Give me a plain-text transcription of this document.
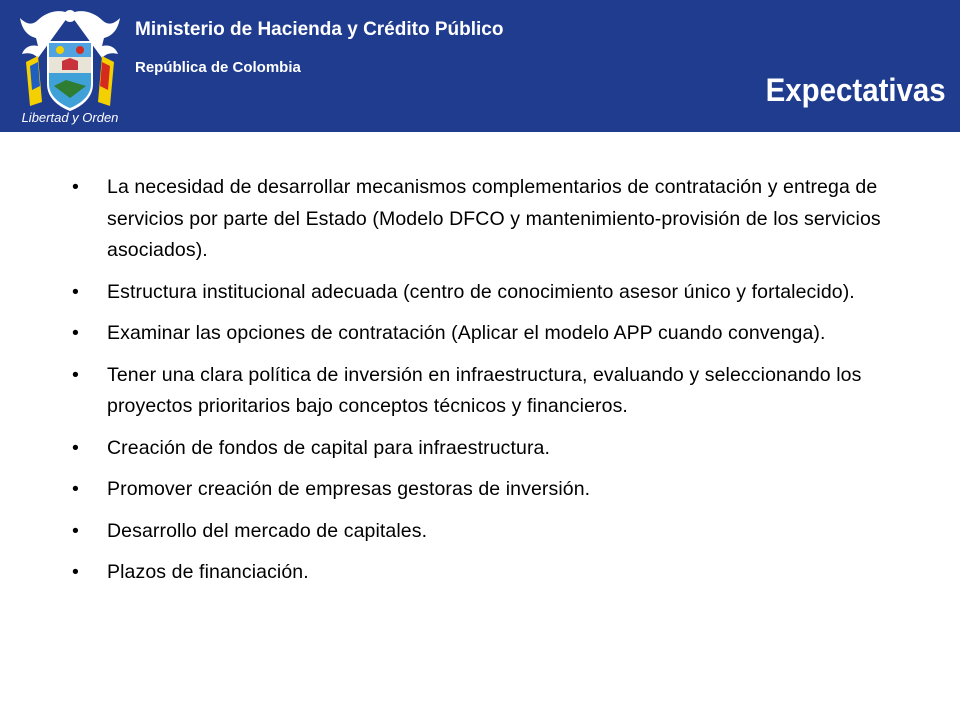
Libertad y Orden
Ministerio de Hacienda y Crédito Público
República de Colombia
Expectativas
• La necesidad de desarrollar mecanismos complementarios de contratación y entrega de servicios por parte del Estado (Modelo DFCO y mantenimiento-provisión de los servicios asociados).
• Estructura institucional adecuada (centro de conocimiento asesor único y fortalecido).
• Examinar las opciones de contratación (Aplicar el modelo APP cuando convenga).
• Tener una clara política de inversión en infraestructura, evaluando y seleccionando los proyectos prioritarios bajo conceptos técnicos y financieros.
• Creación de fondos de capital para infraestructura.
• Promover creación de empresas gestoras de inversión.
• Desarrollo del mercado de capitales.
• Plazos de financiación.
